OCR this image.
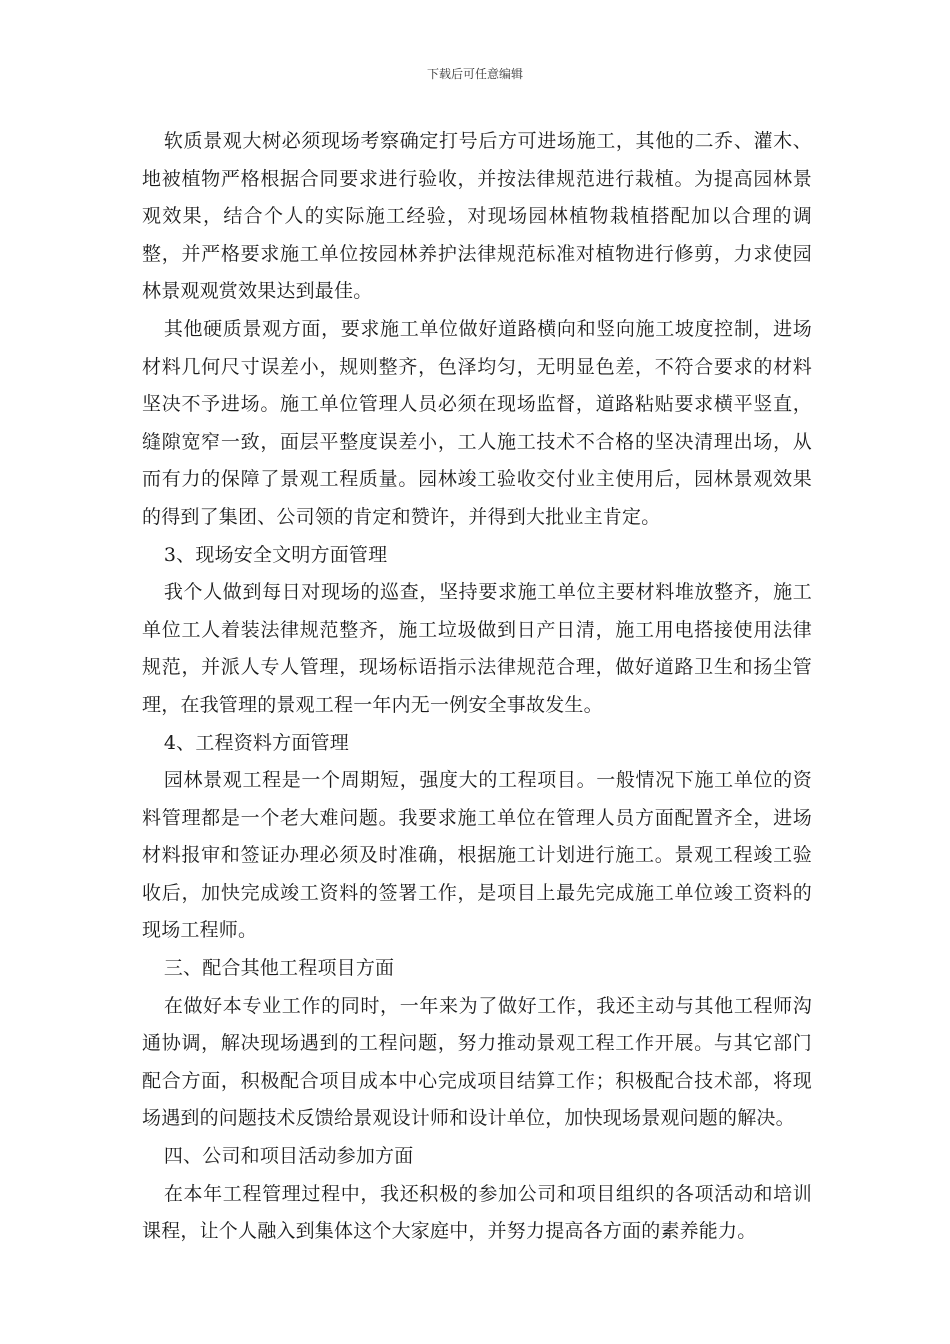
下载后可任意编辑

软质景观大树必须现场考察确定打号后方可进场施工，其他的二乔、灌木、地被植物严格根据合同要求进行验收，并按法律规范进行栽植。为提高园林景观效果，结合个人的实际施工经验，对现场园林植物栽植搭配加以合理的调整，并严格要求施工单位按园林养护法律规范标准对植物进行修剪，力求使园林景观观赏效果达到最佳。

其他硬质景观方面，要求施工单位做好道路横向和竖向施工坡度控制，进场材料几何尺寸误差小，规则整齐，色泽均匀，无明显色差，不符合要求的材料坚决不予进场。施工单位管理人员必须在现场监督，道路粘贴要求横平竖直，缝隙宽窄一致，面层平整度误差小，工人施工技术不合格的坚决清理出场，从而有力的保障了景观工程质量。园林竣工验收交付业主使用后，园林景观效果的得到了集团、公司领的肯定和赞许，并得到大批业主肯定。

3、现场安全文明方面管理

我个人做到每日对现场的巡查，坚持要求施工单位主要材料堆放整齐，施工单位工人着装法律规范整齐，施工垃圾做到日产日清，施工用电搭接使用法律规范，并派人专人管理，现场标语指示法律规范合理，做好道路卫生和扬尘管理，在我管理的景观工程一年内无一例安全事故发生。

4、工程资料方面管理

园林景观工程是一个周期短，强度大的工程项目。一般情况下施工单位的资料管理都是一个老大难问题。我要求施工单位在管理人员方面配置齐全，进场材料报审和签证办理必须及时准确，根据施工计划进行施工。景观工程竣工验收后，加快完成竣工资料的签署工作，是项目上最先完成施工单位竣工资料的现场工程师。

三、配合其他工程项目方面

在做好本专业工作的同时，一年来为了做好工作，我还主动与其他工程师沟通协调，解决现场遇到的工程问题，努力推动景观工程工作开展。与其它部门配合方面，积极配合项目成本中心完成项目结算工作；积极配合技术部，将现场遇到的问题技术反馈给景观设计师和设计单位，加快现场景观问题的解决。

四、公司和项目活动参加方面

在本年工程管理过程中，我还积极的参加公司和项目组织的各项活动和培训课程，让个人融入到集体这个大家庭中，并努力提高各方面的素养能力。
